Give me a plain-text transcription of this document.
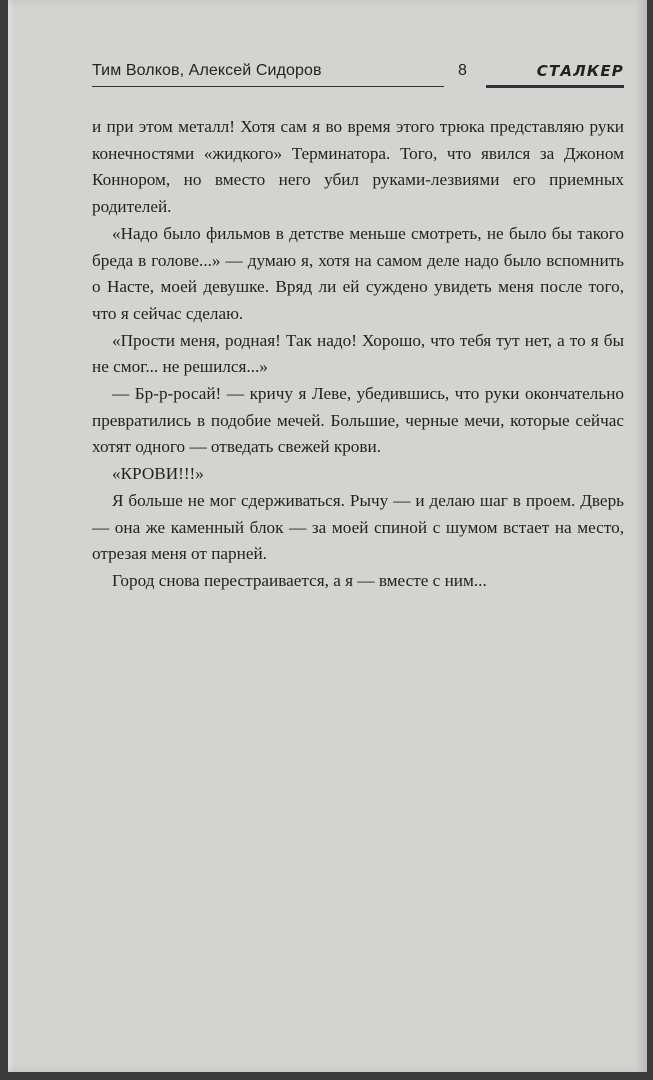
Тим Волков, Алексей Сидоров	8	СТАЛКЕР

и при этом металл! Хотя сам я во время этого трюка представляю руки конечностями «жидкого» Терминатора. Того, что явился за Джоном Коннором, но вместо него убил руками-лезвиями его приемных родителей.

«Надо было фильмов в детстве меньше смотреть, не было бы такого бреда в голове...» — думаю я, хотя на самом деле надо было вспомнить о Насте, моей девушке. Вряд ли ей суждено увидеть меня после того, что я сейчас сделаю.

«Прости меня, родная! Так надо! Хорошо, что тебя тут нет, а то я бы не смог... не решился...»

— Бр-р-росай! — кричу я Леве, убедившись, что руки окончательно превратились в подобие мечей. Большие, черные мечи, которые сейчас хотят одного — отведать свежей крови.

«КРОВИ!!!»

Я больше не мог сдерживаться. Рычу — и делаю шаг в проем. Дверь — она же каменный блок — за моей спиной с шумом встает на место, отрезая меня от парней.

Город снова перестраивается, а я — вместе с ним...
